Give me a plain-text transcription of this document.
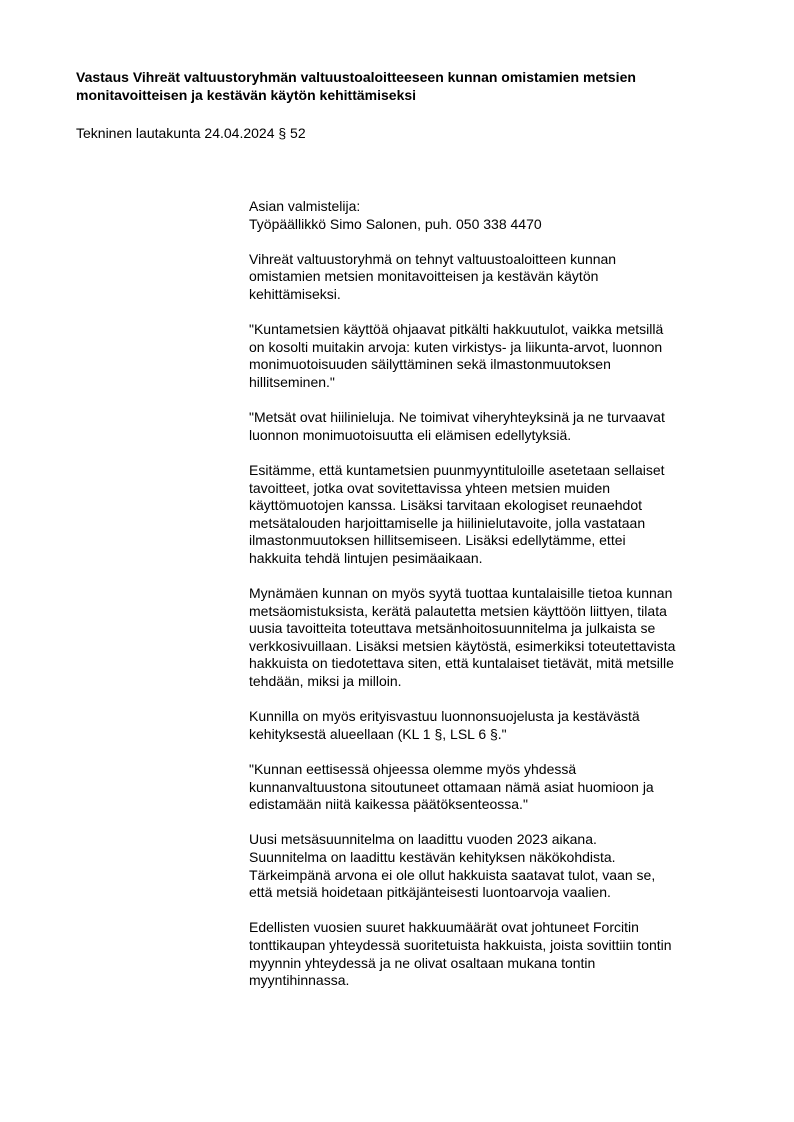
Vastaus Vihreät valtuustoryhmän valtuustoaloitteeseen kunnan omistamien metsien
monitavoitteisen ja kestävän käytön kehittämiseksi
Tekninen lautakunta 24.04.2024 § 52
Asian valmistelija:
Työpäällikkö Simo Salonen, puh. 050 338 4470
Vihreät valtuustoryhmä on tehnyt valtuustoaloitteen kunnan
omistamien metsien monitavoitteisen ja kestävän käytön
kehittämiseksi.
"Kuntametsien käyttöä ohjaavat pitkälti hakkuutulot, vaikka metsillä
on kosolti muitakin arvoja: kuten virkistys- ja liikunta-arvot, luonnon
monimuotoisuuden säilyttäminen sekä ilmastonmuutoksen
hillitseminen."
"Metsät ovat hiilinieluja. Ne toimivat viheryhteyksinä ja ne turvaavat
luonnon monimuotoisuutta eli elämisen edellytyksiä.
Esitämme, että kuntametsien puunmyyntituloille asetetaan sellaiset
tavoitteet, jotka ovat sovitettavissa yhteen metsien muiden
käyttömuotojen kanssa. Lisäksi tarvitaan ekologiset reunaehdot
metsätalouden harjoittamiselle ja hiilinielutavoite, jolla vastataan
ilmastonmuutoksen hillitsemiseen. Lisäksi edellytämme, ettei
hakkuita tehdä lintujen pesimäaikaan.
Mynämäen kunnan on myös syytä tuottaa kuntalaisille tietoa kunnan
metsäomistuksista, kerätä palautetta metsien käyttöön liittyen, tilata
uusia tavoitteita toteuttava metsänhoitosuunnitelma ja julkaista se
verkkosivuillaan. Lisäksi metsien käytöstä, esimerkiksi toteutettavista
hakkuista on tiedotettava siten, että kuntalaiset tietävät, mitä metsille
tehdään, miksi ja milloin.
Kunnilla on myös erityisvastuu luonnonsuojelusta ja kestävästä
kehityksestä alueellaan (KL 1 §, LSL 6 §."
"Kunnan eettisessä ohjeessa olemme myös yhdessä
kunnanvaltuustona sitoutuneet ottamaan nämä asiat huomioon ja
edistamään niitä kaikessa päätöksenteossa."
Uusi metsäsuunnitelma on laadittu vuoden 2023 aikana.
Suunnitelma on laadittu kestävän kehityksen näkökohdista.
Tärkeimpänä arvona ei ole ollut hakkuista saatavat tulot, vaan se,
että metsiä hoidetaan pitkäjänteisesti luontoarvoja vaalien.
Edellisten vuosien suuret hakkuumäärät ovat johtuneet Forcitin
tonttikaupan yhteydessä suoritetuista hakkuista, joista sovittiin tontin
myynnin yhteydessä ja ne olivat osaltaan mukana tontin
myyntihinnassa.
